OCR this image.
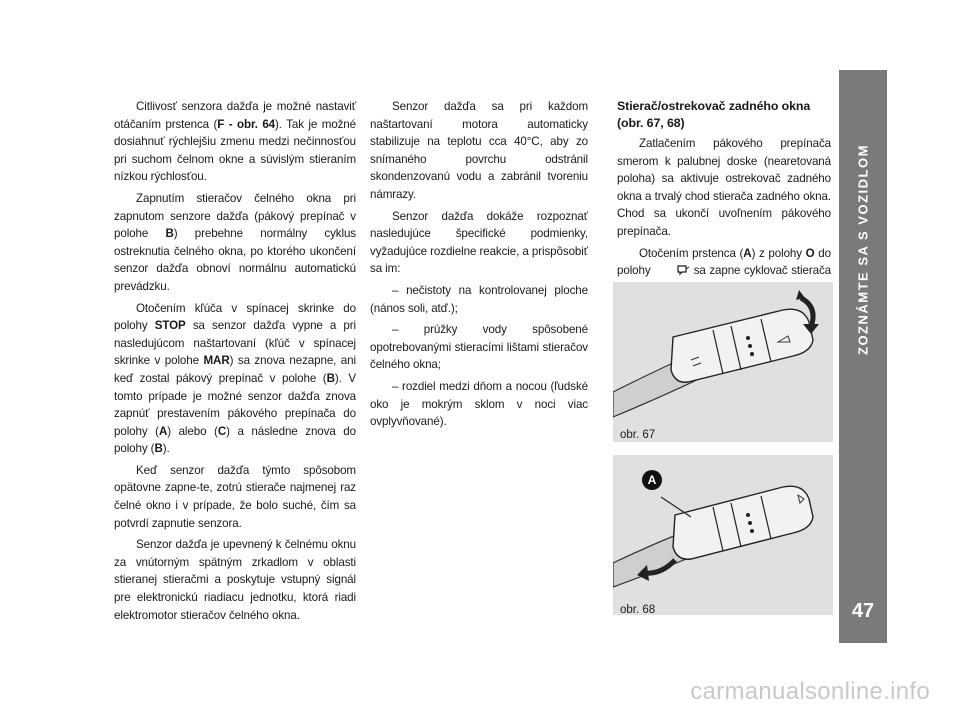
Citlivosť senzora dažďa je možné nastaviť otáčaním prstenca (F - obr. 64). Tak je možné dosiahnuť rýchlejšiu zmenu medzi nečinnosťou pri suchom čelnom okne a súvislým stieraním nízkou rýchlosťou.

Zapnutím stieračov čelného okna pri zapnutom senzore dažďa (pákový prepínač v polohe B) prebehne normálny cyklus ostreknutia čelného okna, po ktorého ukončení senzor dažďa obnoví normálnu automatickú prevádzku.

Otočením kľúča v spínacej skrinke do polohy STOP sa senzor dažďa vypne a pri nasledujúcom naštartovaní (kľúč v spínacej skrinke v polohe MAR) sa znova nezapne, ani keď zostal pákový prepínač v polohe (B). V tomto prípade je možné senzor dažďa znova zapnúť prestavením pákového prepínača do polohy (A) alebo (C) a následne znova do polohy (B).

Keď senzor dažďa týmto spôsobom opätovne zapne-te, zotrú stierače najmenej raz čelné okno i v prípade, že bolo suché, čím sa potvrdí zapnutie senzora.

Senzor dažďa je upevnený k čelnému oknu za vnútorným spätným zrkadlom v oblasti stieranej stieračmi a poskytuje vstupný signál pre elektronickú riadiacu jednotku, ktorá riadi elektromotor stieračov čelného okna.

Senzor dažďa sa pri každom naštartovaní motora automaticky stabilizuje na teplotu cca 40°C, aby zo snímaného povrchu odstránil skondenzovanú vodu a zabránil tvoreniu námrazy.

Senzor dažďa dokáže rozpoznať nasledujúce špecifické podmienky, vyžadujúce rozdielne reakcie, a prispôsobiť sa im:

– nečistoty na kontrolovanej ploche (nános soli, atď.);

– prúžky vody spôsobené opotrebovanými stieracími lištami stieračov čelného okna;

– rozdiel medzi dňom a nocou (ľudské oko je mokrým sklom v noci viac ovplyvňované).

Stierač/ostrekovač zadného okna
(obr. 67, 68)

Zatlačením pákového prepínača smerom k palubnej doske (nearetovaná poloha) sa aktivuje ostrekovač zadného okna a trvalý chod stierača zadného okna. Chod sa ukončí uvoľnením pákového prepínača.

Otočením prstenca (A) z polohy O do polohy	sa zapne cyklovač stierača

obr. 67
A
obr. 68
ZOZNÁMTE SA S VOZIDLOM
47
carmanualsonline.info
